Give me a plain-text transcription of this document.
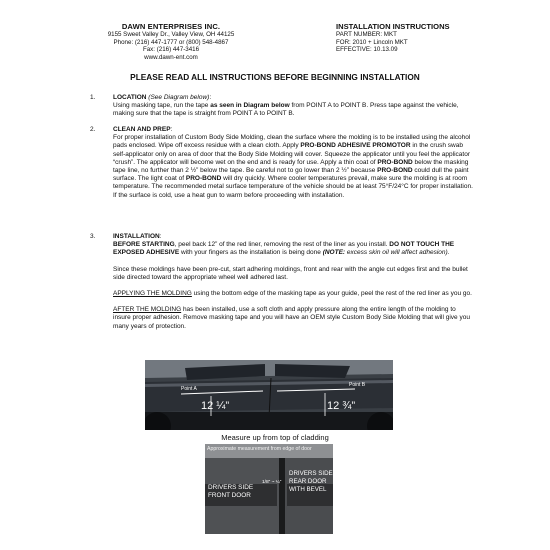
DAWN ENTERPRISES INC.
9155 Sweet Valley Dr., Valley View, OH 44125
Phone: (216) 447-1777 or (800) 548-4867
Fax: (216) 447-3416
www.dawn-ent.com
INSTALLATION INSTRUCTIONS
PART NUMBER: MKT
FOR: 2010 + Lincoln MKT
EFFECTIVE: 10.13.09
PLEASE READ ALL INSTRUCTIONS BEFORE BEGINNING INSTALLATION
1.	LOCATION (See Diagram below):

Using masking tape, run the tape as seen in Diagram below from POINT A to POINT B. Press tape against the vehicle, making sure that the tape is straight from POINT A to POINT B.

2.	CLEAN AND PREP:

For proper installation of Custom Body Side Molding, clean the surface where the molding is to be installed using the alcohol pads enclosed. Wipe off excess residue with a clean cloth. Apply PRO-BOND ADHESIVE PROMOTOR in the crush swab self-applicator only on area of door that the Body Side Molding will cover. Squeeze the applicator until you feel the applicator “crush”. The applicator will become wet on the end and is ready for use. Apply a thin coat of PRO-BOND below the masking tape line, no further than 2 ½” below the tape. Be careful not to go lower than 2 ½” because PRO-BOND could dull the paint surface. The light coat of PRO-BOND will dry quickly. Where cooler temperatures prevail, make sure the molding is at room temperature. The recommended metal surface temperature of the vehicle should be at least 75°F/24°C for proper installation. If the surface is cold, use a heat gun to warm before proceeding with installation.

3.	INSTALLATION:

BEFORE STARTING, peel back 12” of the red liner, removing the rest of the liner as you install. DO NOT TOUCH THE EXPOSED ADHESIVE with your fingers as the installation is being done (NOTE: excess skin oil will affect adhesion).

Since these moldings have been pre-cut, start adhering moldings, front and rear with the angle cut edges first and the bullet side directed toward the appropriate wheel well adhered last.

APPLYING THE MOLDING using the bottom edge of the masking tape as your guide, peel the rest of the red liner as you go.

AFTER THE MOLDING has been installed, use a soft cloth and apply pressure along the entire length of the molding to insure proper adhesion. Remove masking tape and you will have an OEM style Custom Body Side Molding that will give you many years of protection.

Point A
Point B
12 ¼”	12 ¾”
Measure up from top of cladding
Approximate measurement from edge of door
DRIVERS SIDE
FRONT DOOR
1/8” ~ ¼”
DRIVERS SIDE
REAR DOOR
WITH BEVEL
